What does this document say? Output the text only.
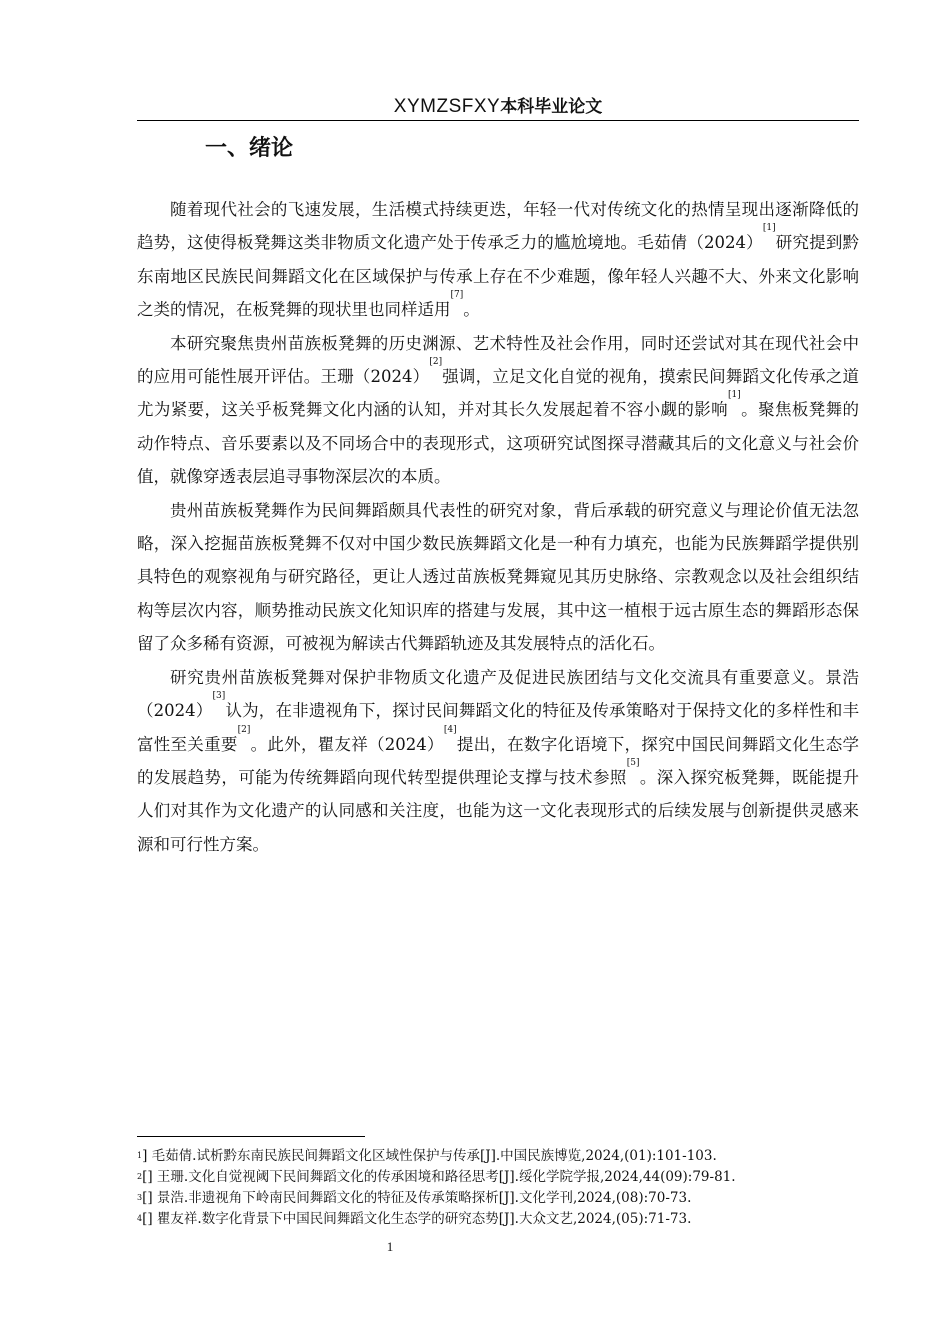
XYMZSFXY本科毕业论文
一、绪论

随着现代社会的飞速发展，生活模式持续更迭，年轻一代对传统文化的热情呈现出逐渐降低的趋势，这使得板凳舞这类非物质文化遗产处于传承乏力的尴尬境地。毛茹倩（2024）[1]研究提到黔东南地区民族民间舞蹈文化在区域保护与传承上存在不少难题，像年轻人兴趣不大、外来文化影响之类的情况，在板凳舞的现状里也同样适用[7]。

本研究聚焦贵州苗族板凳舞的历史渊源、艺术特性及社会作用，同时还尝试对其在现代社会中的应用可能性展开评估。王珊（2024）[2]强调，立足文化自觉的视角，摸索民间舞蹈文化传承之道尤为紧要，这关乎板凳舞文化内涵的认知，并对其长久发展起着不容小觑的影响[1]。聚焦板凳舞的动作特点、音乐要素以及不同场合中的表现形式，这项研究试图探寻潜藏其后的文化意义与社会价值，就像穿透表层追寻事物深层次的本质。

贵州苗族板凳舞作为民间舞蹈颇具代表性的研究对象，背后承载的研究意义与理论价值无法忽略，深入挖掘苗族板凳舞不仅对中国少数民族舞蹈文化是一种有力填充，也能为民族舞蹈学提供别具特色的观察视角与研究路径，更让人透过苗族板凳舞窥见其历史脉络、宗教观念以及社会组织结构等层次内容，顺势推动民族文化知识库的搭建与发展，其中这一植根于远古原生态的舞蹈形态保留了众多稀有资源，可被视为解读古代舞蹈轨迹及其发展特点的活化石。

研究贵州苗族板凳舞对保护非物质文化遗产及促进民族团结与文化交流具有重要意义。景浩（2024）[3]认为，在非遗视角下，探讨民间舞蹈文化的特征及传承策略对于保持文化的多样性和丰富性至关重要[2]。此外，瞿友祥（2024）[4]提出，在数字化语境下，探究中国民间舞蹈文化生态学的发展趋势，可能为传统舞蹈向现代转型提供理论支撑与技术参照[5]。深入探究板凳舞，既能提升人们对其作为文化遗产的认同感和关注度，也能为这一文化表现形式的后续发展与创新提供灵感来源和可行性方案。

$^1$] 毛茹倩.试析黔东南民族民间舞蹈文化区域性保护与传承[J].中国民族博览,2024,(01):101-103.
$^2$[] 王珊.文化自觉视阈下民间舞蹈文化的传承困境和路径思考[J].绥化学院学报,2024,44(09):79-81.
$^3$[] 景浩.非遗视角下岭南民间舞蹈文化的特征及传承策略探析[J].文化学刊,2024,(08):70-73.
$^4$[] 瞿友祥.数字化背景下中国民间舞蹈文化生态学的研究态势[J].大众文艺,2024,(05):71-73.
1
